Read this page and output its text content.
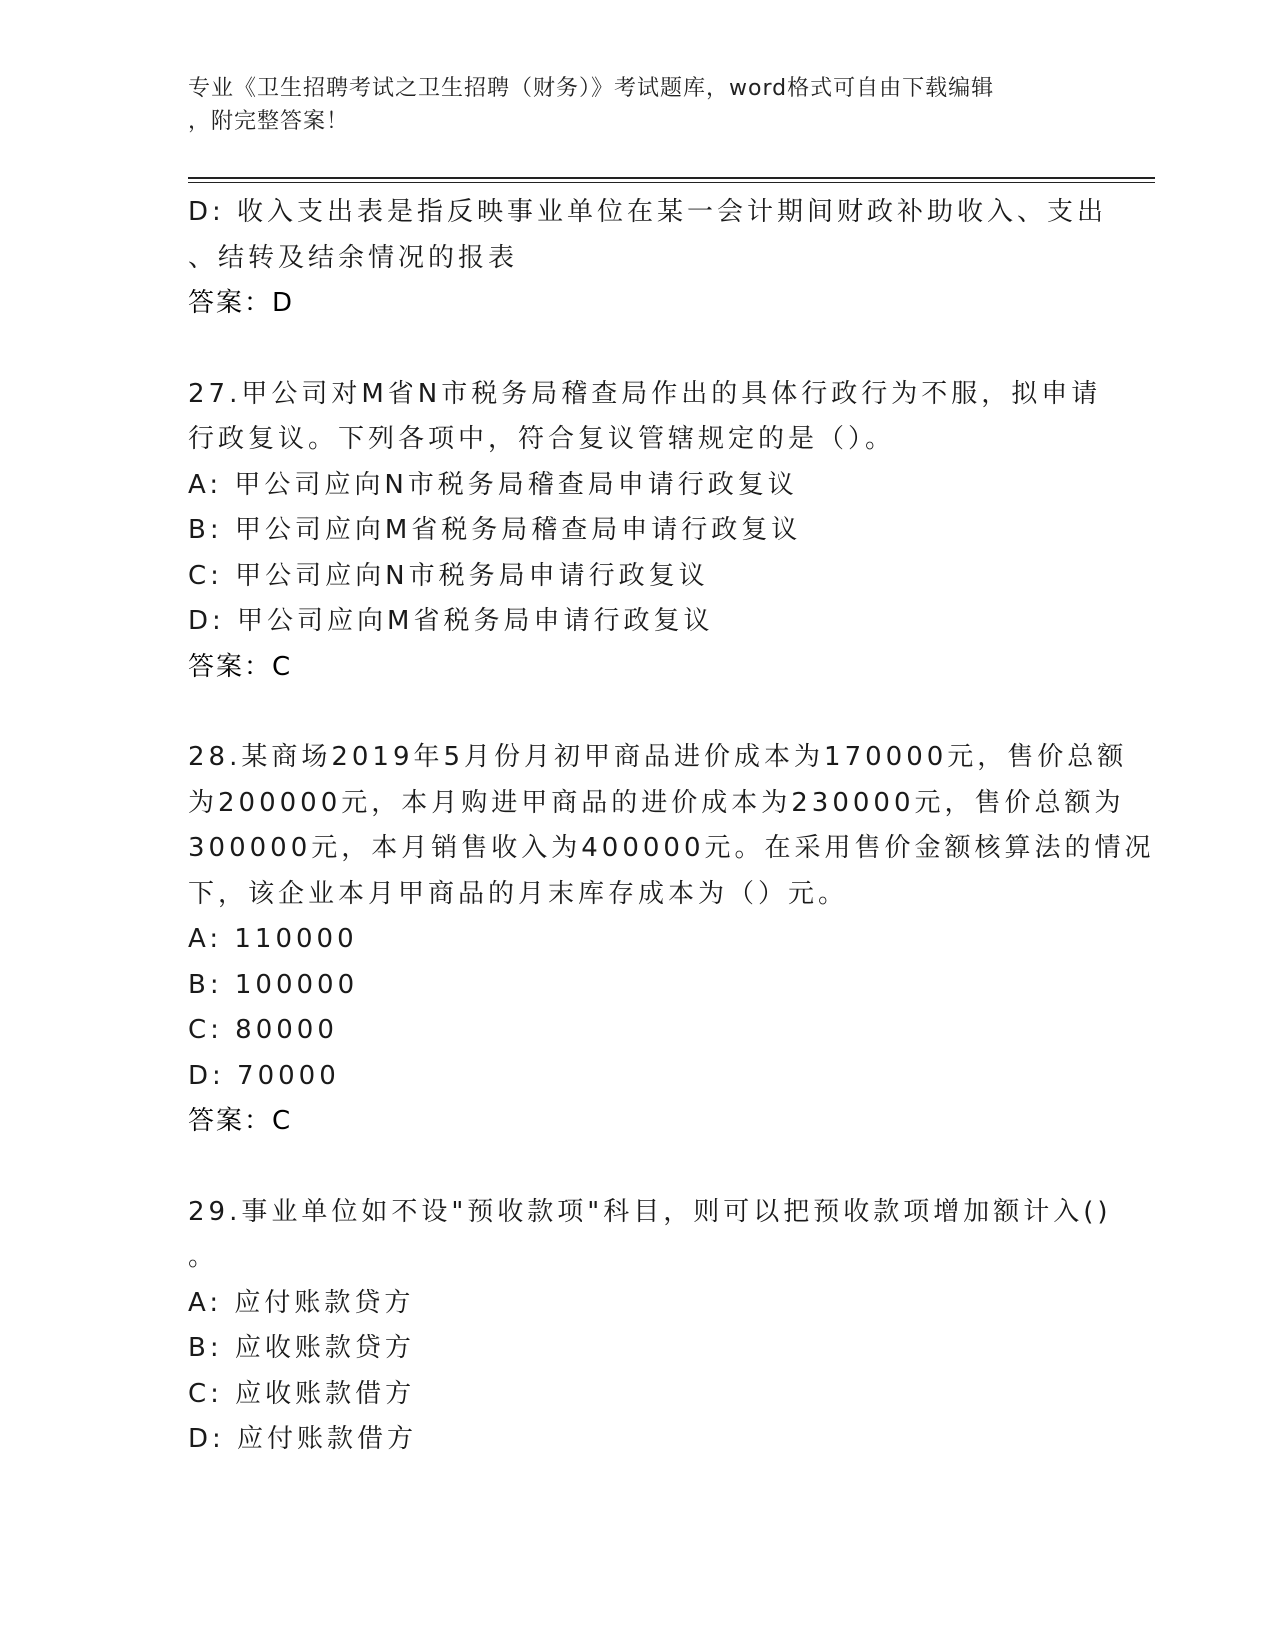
专业《卫生招聘考试之卫生招聘（财务）》考试题库，word格式可自由下载编辑
，附完整答案！
D: 收入支出表是指反映事业单位在某一会计期间财政补助收入、支出
、结转及结余情况的报表
答案：D
27.甲公司对M省N市税务局稽查局作出的具体行政行为不服，拟申请
行政复议。下列各项中，符合复议管辖规定的是（）。
A: 甲公司应向N市税务局稽查局申请行政复议
B: 甲公司应向M省税务局稽查局申请行政复议
C: 甲公司应向N市税务局申请行政复议
D: 甲公司应向M省税务局申请行政复议
答案：C
28.某商场2019年5月份月初甲商品进价成本为170000元，售价总额
为200000元，本月购进甲商品的进价成本为230000元，售价总额为
300000元，本月销售收入为400000元。在采用售价金额核算法的情况
下，该企业本月甲商品的月末库存成本为（）元。
A: 110000
B: 100000
C: 80000
D: 70000
答案：C
29.事业单位如不设"预收款项"科目，则可以把预收款项增加额计入()
。
A: 应付账款贷方
B: 应收账款贷方
C: 应收账款借方
D: 应付账款借方
